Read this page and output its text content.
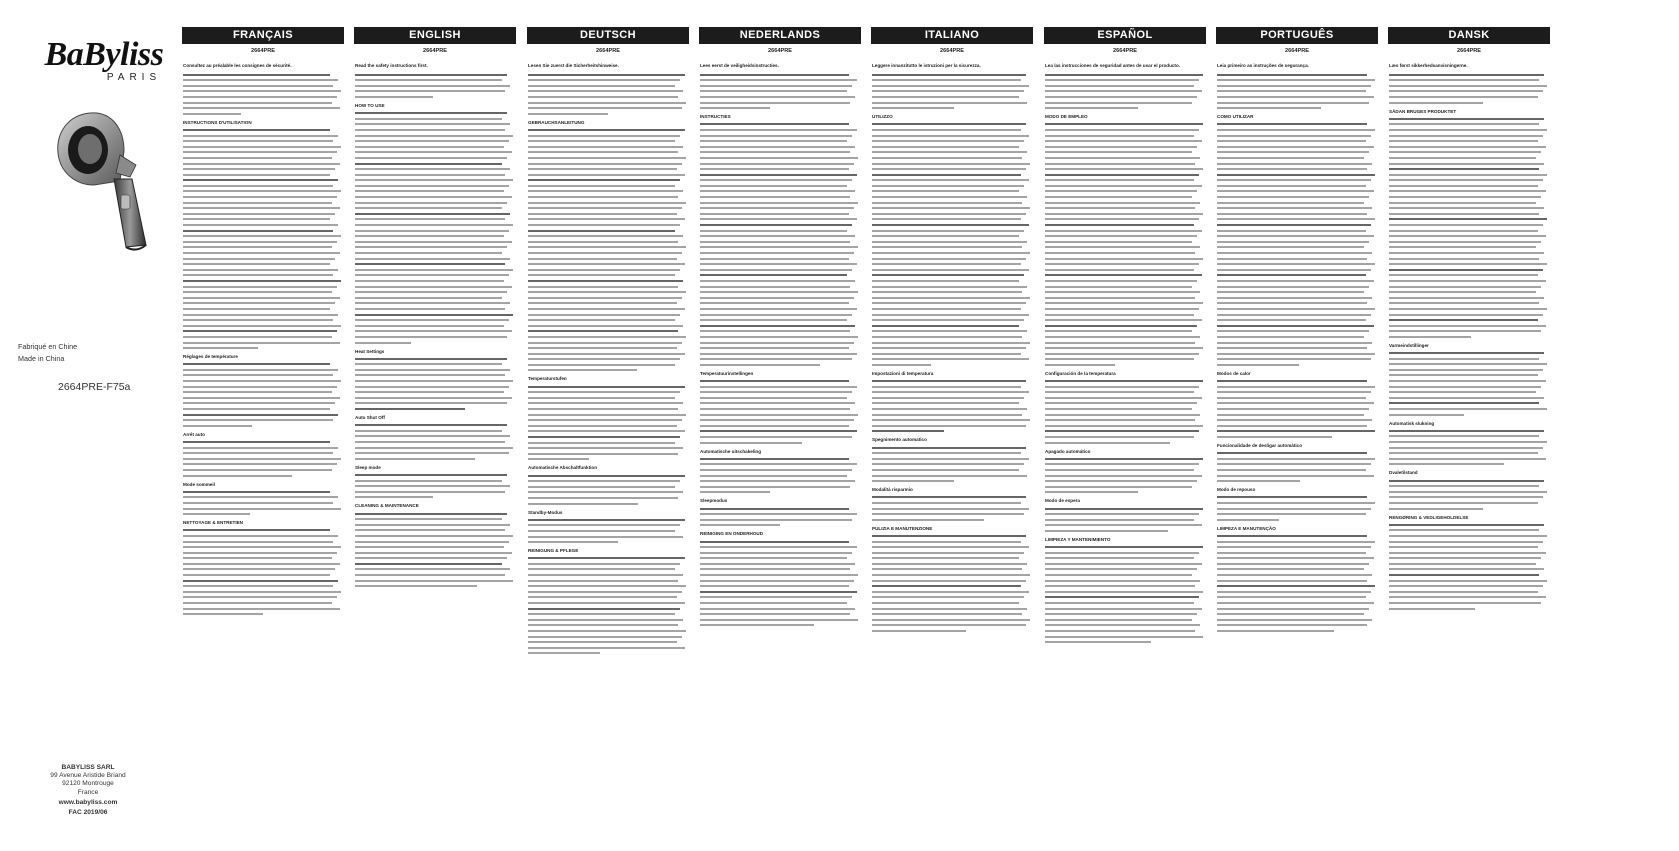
BaByliss
PARIS
Fabriqué en Chine
Made in China
2664PRE-F75a
BABYLISS SARL
99 Avenue Aristide Briand
92120 Montrouge
France
www.babyliss.com
FAC 2019/06
FRANÇAIS
2664PRE
Consultez au préalable les consignes de sécurité.
INSTRUCTIONS D'UTILISATION
Réglages de température
Arrêt auto
Mode sommeil
NETTOYAGE & ENTRETIEN
ENGLISH
2664PRE
Read the safety instructions first.
HOW TO USE
Heat Settings
Auto Shut Off
Sleep mode
CLEANING & MAINTENANCE
DEUTSCH
2664PRE
Lesen Sie zuerst die Sicherheitshinweise.
GEBRAUCHSANLEITUNG
Temperaturstufen
Automatische Abschaltfunktion
Standby-Modus
REINIGUNG & PFLEGE
NEDERLANDS
2664PRE
Lees eerst de veiligheidsinstructies.
INSTRUCTIES
Temperatuurinstellingen
Automatische uitschakeling
Sleepmodus
REINIGING EN ONDERHOUD
ITALIANO
2664PRE
Leggere innanzitutto le istruzioni per la sicurezza.
UTILIZZO
Impostazioni di temperatura
Spegnimento automatico
Modalità risparmio
PULIZIA E MANUTENZIONE
ESPAÑOL
2664PRE
Lea las instrucciones de seguridad antes de usar el producto.
MODO DE EMPLEO
Configuración de la temperatura
Apagado automático
Modo de espera
LIMPIEZA Y MANTENIMIENTO
PORTUGUÊS
2664PRE
Leia primeiro as instruções de segurança.
COMO UTILIZAR
Modos de calor
Funcionalidade de desligar automático
Modo de repouso
LIMPEZA E MANUTENÇÃO
DANSK
2664PRE
Læs først sikkerhedsanvisningerne.
SÅDAN BRUGES PRODUKTET
Varmeindstillinger
Automatisk slukning
Dvaletilstand
RENGØRING & VEDLIGEHOLDELSE
